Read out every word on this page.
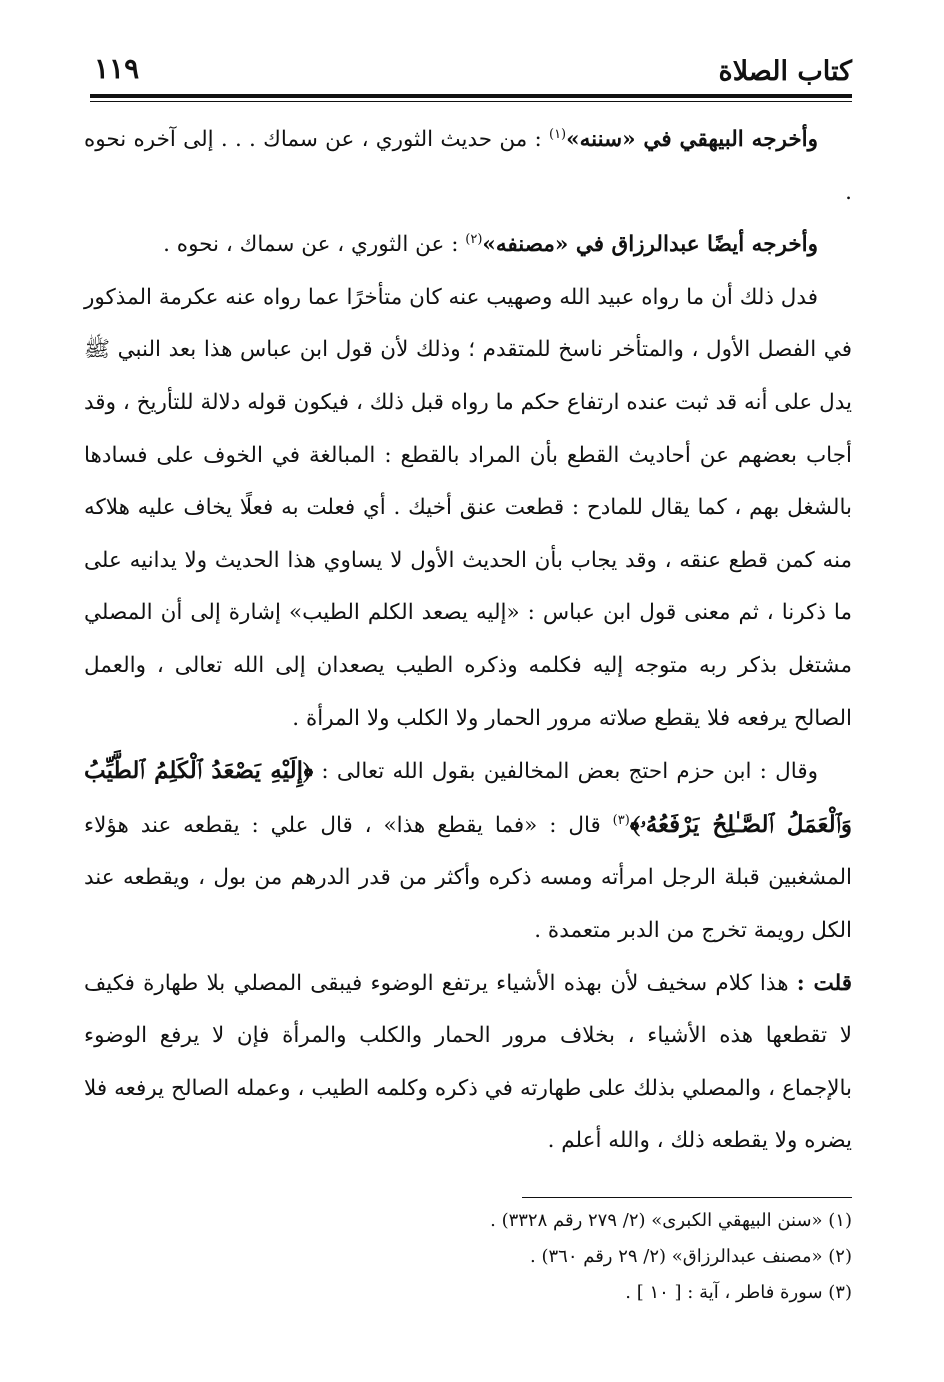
كتاب الصلاة
١١٩

وأخرجه البيهقي في «سننه»$^{(١)}$ : من حديث الثوري ، عن سماك . . . إلى آخره نحوه .

وأخرجه أيضًا عبدالرزاق في «مصنفه»$^{(٢)}$ : عن الثوري ، عن سماك ، نحوه .

فدل ذلك أن ما رواه عبيد الله وصهيب عنه كان متأخرًا عما رواه عنه عكرمة المذكور في الفصل الأول ، والمتأخر ناسخ للمتقدم ؛ وذلك لأن قول ابن عباس هذا بعد النبي ﷺ يدل على أنه قد ثبت عنده ارتفاع حكم ما رواه قبل ذلك ، فيكون قوله دلالة للتأريخ ، وقد أجاب بعضهم عن أحاديث القطع بأن المراد بالقطع : المبالغة في الخوف على فسادها بالشغل بهم ، كما يقال للمادح : قطعت عنق أخيك . أي فعلت به فعلًا يخاف عليه هلاكه منه كمن قطع عنقه ، وقد يجاب بأن الحديث الأول لا يساوي هذا الحديث ولا يدانيه على ما ذكرنا ، ثم معنى قول ابن عباس : «إليه يصعد الكلم الطيب» إشارة إلى أن المصلي مشتغل بذكر ربه متوجه إليه فكلمه وذكره الطيب يصعدان إلى الله تعالى ، والعمل الصالح يرفعه فلا يقطع صلاته مرور الحمار ولا الكلب ولا المرأة .

وقال : ابن حزم احتج بعض المخالفين بقول الله تعالى : ﴿إِلَيْهِ يَصْعَدُ ٱلْكَلِمُ ٱلطَّيِّبُ وَٱلْعَمَلُ ٱلصَّـٰلِحُ يَرْفَعُهُۥ﴾$^{(٣)}$ قال : «فما يقطع هذا» ، قال علي : يقطعه عند هؤلاء المشغبين قبلة الرجل امرأته ومسه ذكره وأكثر من قدر الدرهم من بول ، ويقطعه عند الكل رويمة تخرج من الدبر متعمدة .

قلت : هذا كلام سخيف لأن بهذه الأشياء يرتفع الوضوء فيبقى المصلي بلا طهارة فكيف لا تقطعها هذه الأشياء ، بخلاف مرور الحمار والكلب والمرأة فإن لا يرفع الوضوء بالإجماع ، والمصلي بذلك على طهارته في ذكره وكلمه الطيب ، وعمله الصالح يرفعه فلا يضره ولا يقطعه ذلك ، والله أعلم .

(١) «سنن البيهقي الكبرى» (٢/ ٢٧٩ رقم ٣٣٢٨) .

(٢) «مصنف عبدالرزاق» (٢/ ٢٩ رقم ٣٦٠) .

(٣) سورة فاطر ، آية : [ ١٠ ] .
